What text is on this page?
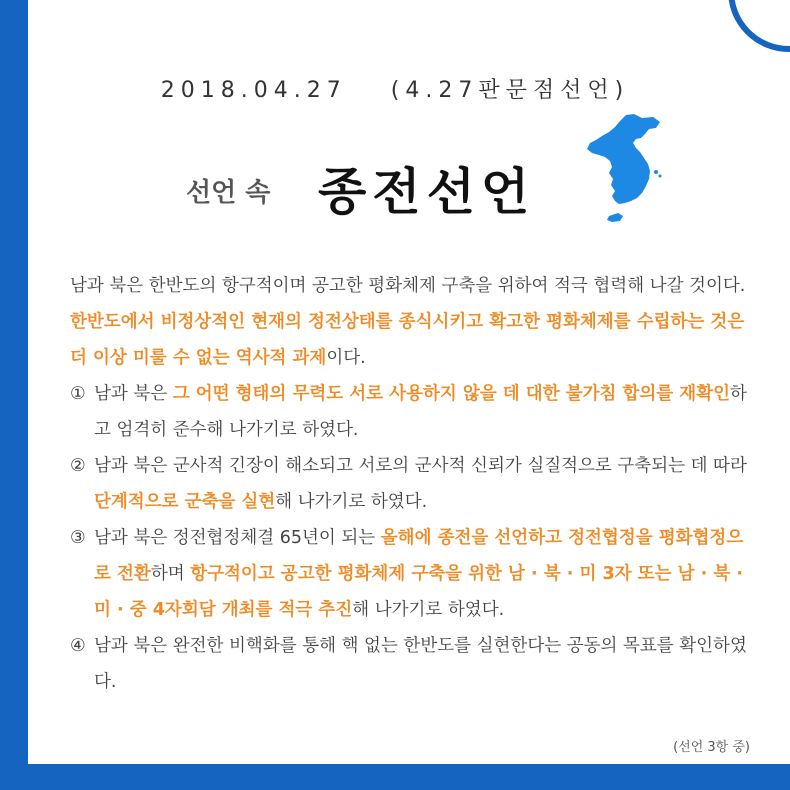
2018.04.27 (4.27판문점선언)
선언 속 종전선언

남과 북은 한반도의 항구적이며 공고한 평화체제 구축을 위하여 적극 협력해 나갈 것이다.

한반도에서 비정상적인 현재의 정전상태를 종식시키고 확고한 평화체제를 수립하는 것은 더 이상 미룰 수 없는 역사적 과제이다.

① 남과 북은 그 어떤 형태의 무력도 서로 사용하지 않을 데 대한 불가침 합의를 재확인하고 엄격히 준수해 나가기로 하였다.
② 남과 북은 군사적 긴장이 해소되고 서로의 군사적 신뢰가 실질적으로 구축되는 데 따라 단계적으로 군축을 실현해 나가기로 하였다.
③ 남과 북은 정전협정체결 65년이 되는 올해에 종전을 선언하고 정전협정을 평화협정으로 전환하며 항구적이고 공고한 평화체제 구축을 위한 남 · 북 · 미 3자 또는 남 · 북 · 미 · 중 4자회담 개최를 적극 추진해 나가기로 하였다.
④ 남과 북은 완전한 비핵화를 통해 핵 없는 한반도를 실현한다는 공동의 목표를 확인하였다.
(선언 3항 중)
